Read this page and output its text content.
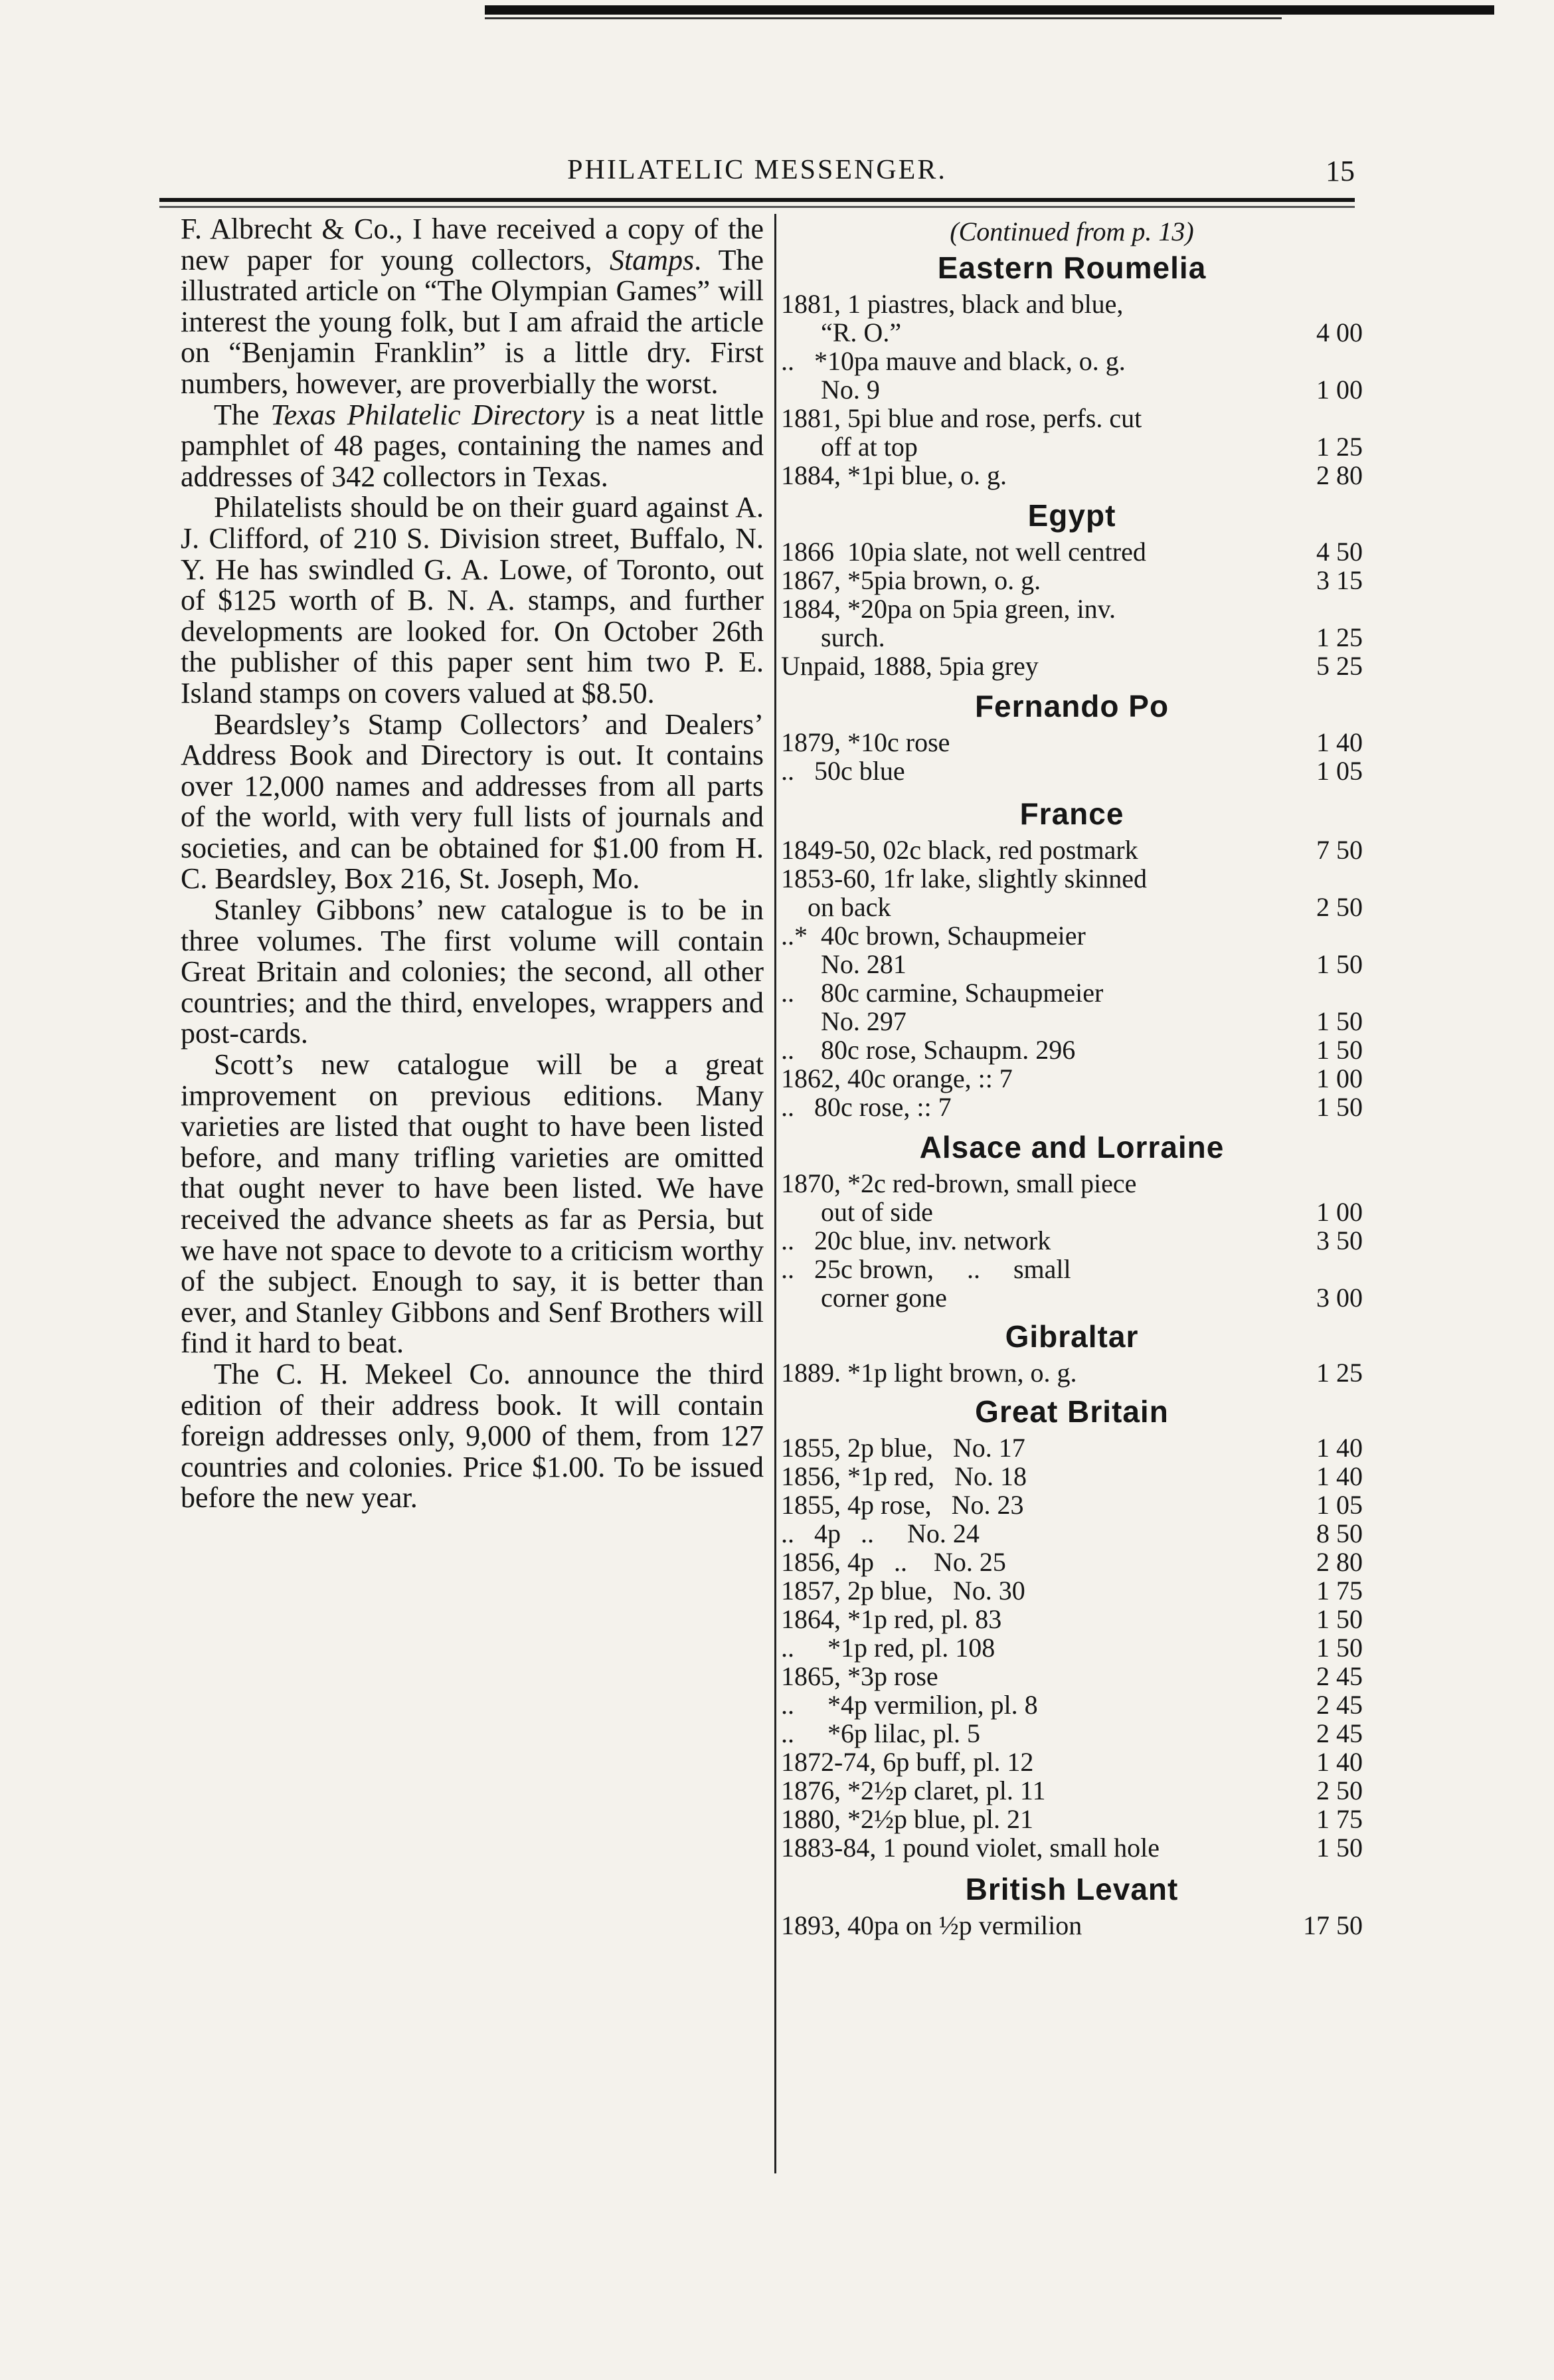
PHILATELIC MESSENGER.	15

F. Albrecht & Co., I have received a copy of the new paper for young collectors, Stamps. The illustrated article on “The Olympian Games” will interest the young folk, but I am afraid the article on “Benjamin Franklin” is a little dry. First numbers, however, are proverbially the worst.

The Texas Philatelic Directory is a neat little pamphlet of 48 pages, containing the names and addresses of 342 collectors in Texas.

Philatelists should be on their guard against A. J. Clifford, of 210 S. Division street, Buffalo, N. Y. He has swindled G. A. Lowe, of Toronto, out of $125 worth of B. N. A. stamps, and further developments are looked for. On October 26th the publisher of this paper sent him two P. E. Island stamps on covers valued at $8.50.

Beardsley’s Stamp Collectors’ and Dealers’ Address Book and Directory is out. It contains over 12,000 names and addresses from all parts of the world, with very full lists of journals and societies, and can be obtained for $1.00 from H. C. Beardsley, Box 216, St. Joseph, Mo.

Stanley Gibbons’ new catalogue is to be in three volumes. The first volume will contain Great Britain and colonies; the second, all other countries; and the third, envelopes, wrappers and post-cards.

Scott’s new catalogue will be a great improvement on previous editions. Many varieties are listed that ought to have been listed before, and many trifling varieties are omitted that ought never to have been listed. We have received the advance sheets as far as Persia, but we have not space to devote to a criticism worthy of the subject. Enough to say, it is better than ever, and Stanley Gibbons and Senf Brothers will find it hard to beat.

The C. H. Mekeel Co. announce the third edition of their address book. It will contain foreign addresses only, 9,000 of them, from 127 countries and colonies. Price $1.00. To be issued before the new year.

(Continued from p. 13)
Eastern Roumelia
1881, 1 piastres, black and blue,
“R. O.”	4 00
..   *10pa mauve and black, o. g.
No. 9	1 00
1881, 5pi blue and rose, perfs. cut
off at top	1 25
1884, *1pi blue, o. g.	2 80
Egypt
1866  10pia slate, not well centred	4 50
1867, *5pia brown, o. g.	3 15
1884, *20pa on 5pia green, inv.
surch.	1 25
Unpaid, 1888, 5pia grey	5 25
Fernando Po
1879, *10c rose	1 40
..   50c blue	1 05
France
1849-50, 02c black, red postmark	7 50
1853-60, 1fr lake, slightly skinned
on back	2 50
..*  40c brown, Schaupmeier
No. 281	1 50
..    80c carmine, Schaupmeier
No. 297	1 50
..    80c rose, Schaupm. 296	1 50
1862, 40c orange, :: 7	1 00
..   80c rose, :: 7	1 50
Alsace and Lorraine
1870, *2c red-brown, small piece
out of side	1 00
..   20c blue, inv. network	3 50
..   25c brown,     ..     small
corner gone	3 00
Gibraltar
1889. *1p light brown, o. g.	1 25
Great Britain
1855, 2p blue,   No. 17	1 40
1856, *1p red,   No. 18	1 40
1855, 4p rose,   No. 23	1 05
..   4p   ..     No. 24	8 50
1856, 4p   ..    No. 25	2 80
1857, 2p blue,   No. 30	1 75
1864, *1p red, pl. 83	1 50
..     *1p red, pl. 108	1 50
1865, *3p rose	2 45
..     *4p vermilion, pl. 8	2 45
..     *6p lilac, pl. 5	2 45
1872-74, 6p buff, pl. 12	1 40
1876, *2½p claret, pl. 11	2 50
1880, *2½p blue, pl. 21	1 75
1883-84, 1 pound violet, small hole	1 50
British Levant
1893, 40pa on ½p vermilion	17 50
